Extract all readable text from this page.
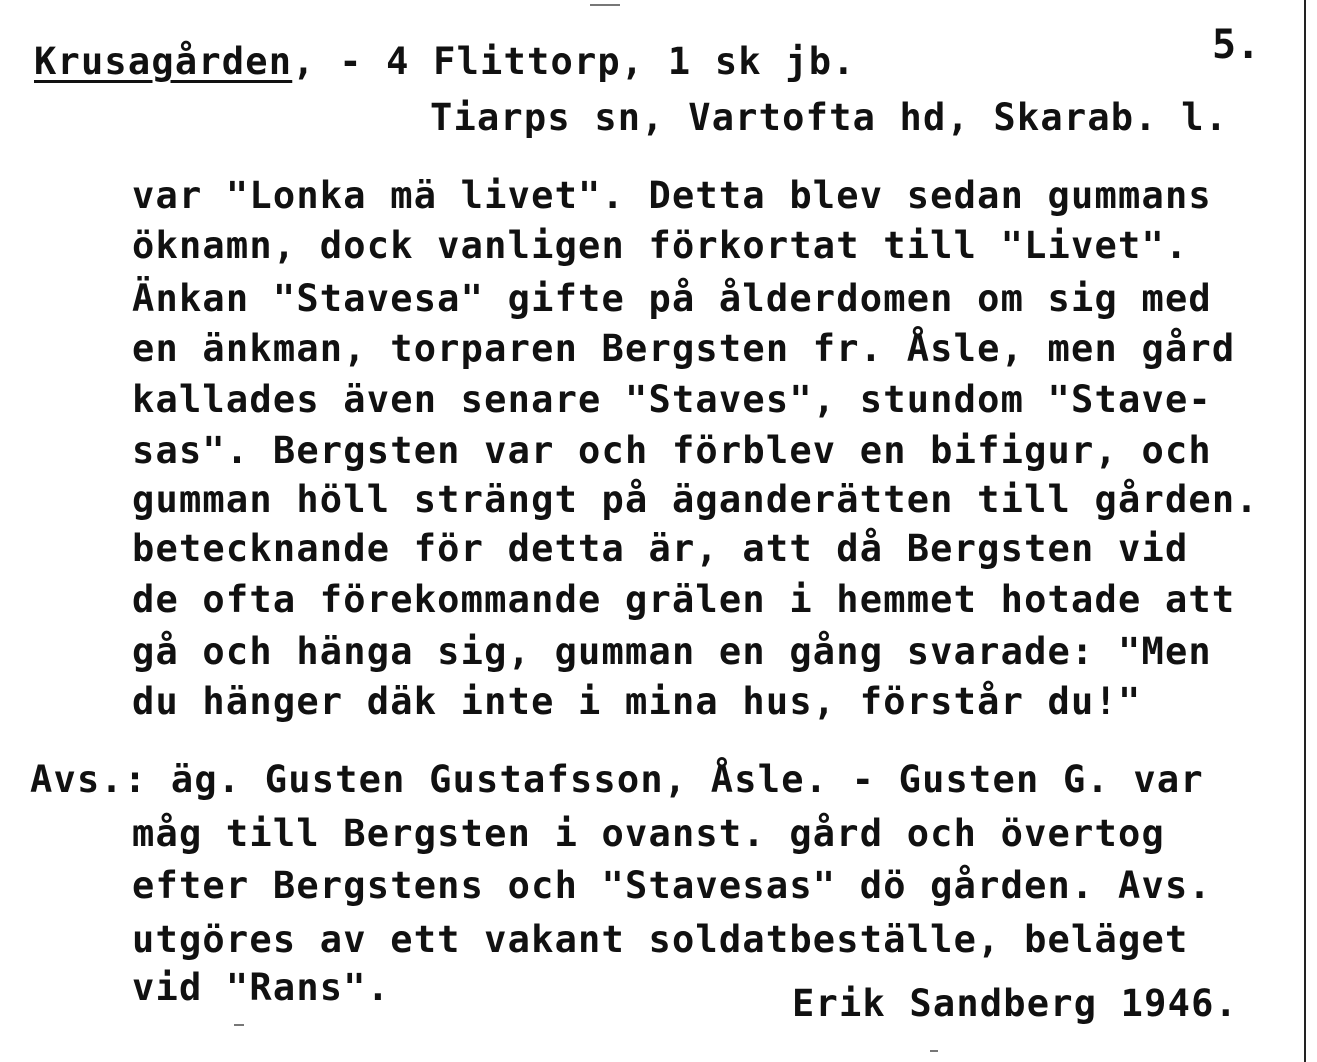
Krusagården, - 4 Flittorp, 1 sk jb.	5.
Tiarps sn, Vartofta hd, Skarab. l.
var "Lonka mä livet". Detta blev sedan gummans
öknamn, dock vanligen förkortat till "Livet".
Änkan "Stavesa" gifte på ålderdomen om sig med
en änkman, torparen Bergsten fr. Åsle, men gård
kallades även senare "Staves", stundom "Stave-
sas". Bergsten var och förblev en bifigur, och
gumman höll strängt på äganderätten till gården.
betecknande för detta är, att då Bergsten vid
de ofta förekommande grälen i hemmet hotade att
gå och hänga sig, gumman en gång svarade: "Men
du hänger däk inte i mina hus, förstår du!"
Avs.: äg. Gusten Gustafsson, Åsle. - Gusten G. var
måg till Bergsten i ovanst. gård och övertog
efter Bergstens och "Stavesas" dö gården. Avs.
utgöres av ett vakant soldatbeställe, beläget
vid "Rans".	Erik Sandberg 1946.
